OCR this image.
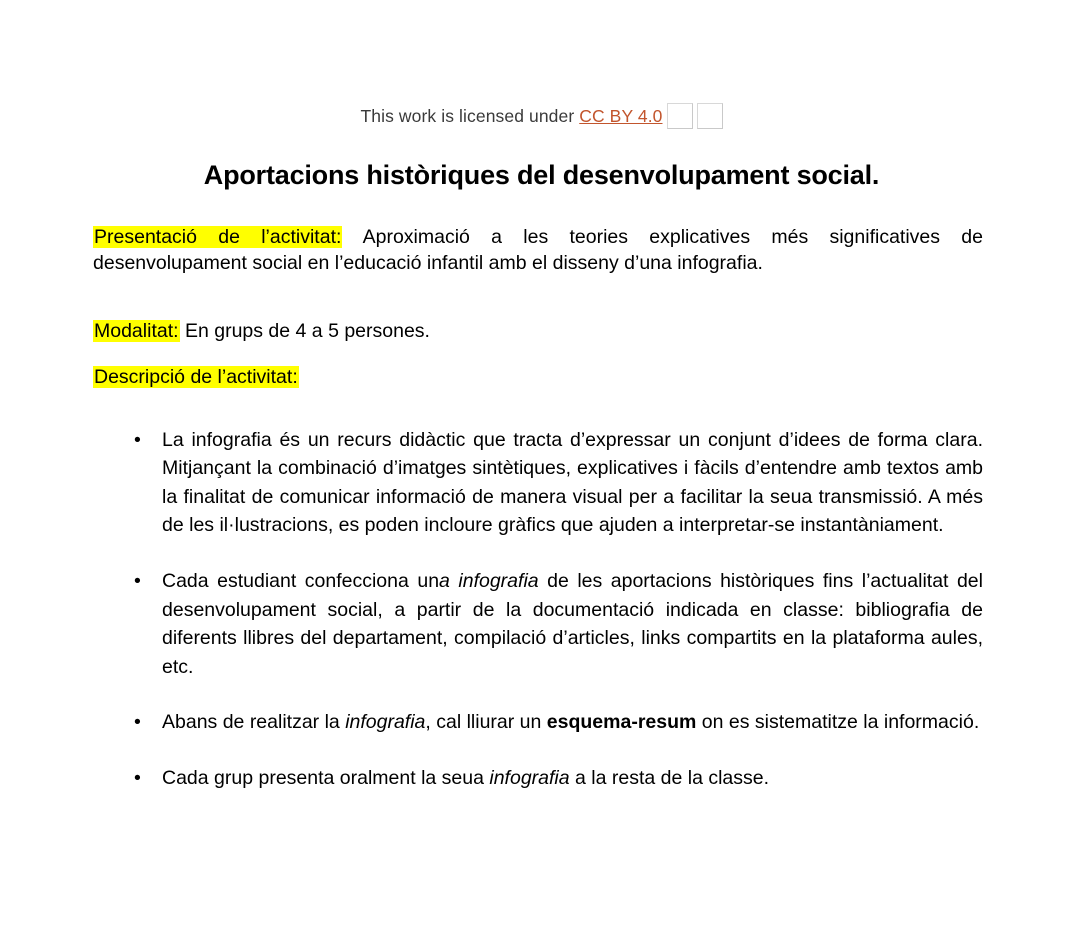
This work is licensed under CC BY 4.0
Aportacions històriques del desenvolupament social.

Presentació de l’activitat: Aproximació a les teories explicatives més significatives de desenvolupament social en l’educació infantil amb el disseny d’una infografia.

Modalitat: En grups de 4 a 5 persones.

Descripció de l’activitat:

• La infografia és un recurs didàctic que tracta d’expressar un conjunt d’idees de forma clara. Mitjançant la combinació d’imatges sintètiques, explicatives i fàcils d’entendre amb textos amb la finalitat de comunicar informació de manera visual per a facilitar la seua transmissió. A més de les il·lustracions, es poden incloure gràfics que ajuden a interpretar-se instantàniament.
• Cada estudiant confecciona una infografia de les aportacions històriques fins l’actualitat del desenvolupament social, a partir de la documentació indicada en classe: bibliografia de diferents llibres del departament, compilació d’articles, links compartits en la plataforma aules, etc.
• Abans de realitzar la infografia, cal lliurar un esquema-resum on es sistematitze la informació.
• Cada grup presenta oralment la seua infografia a la resta de la classe.
